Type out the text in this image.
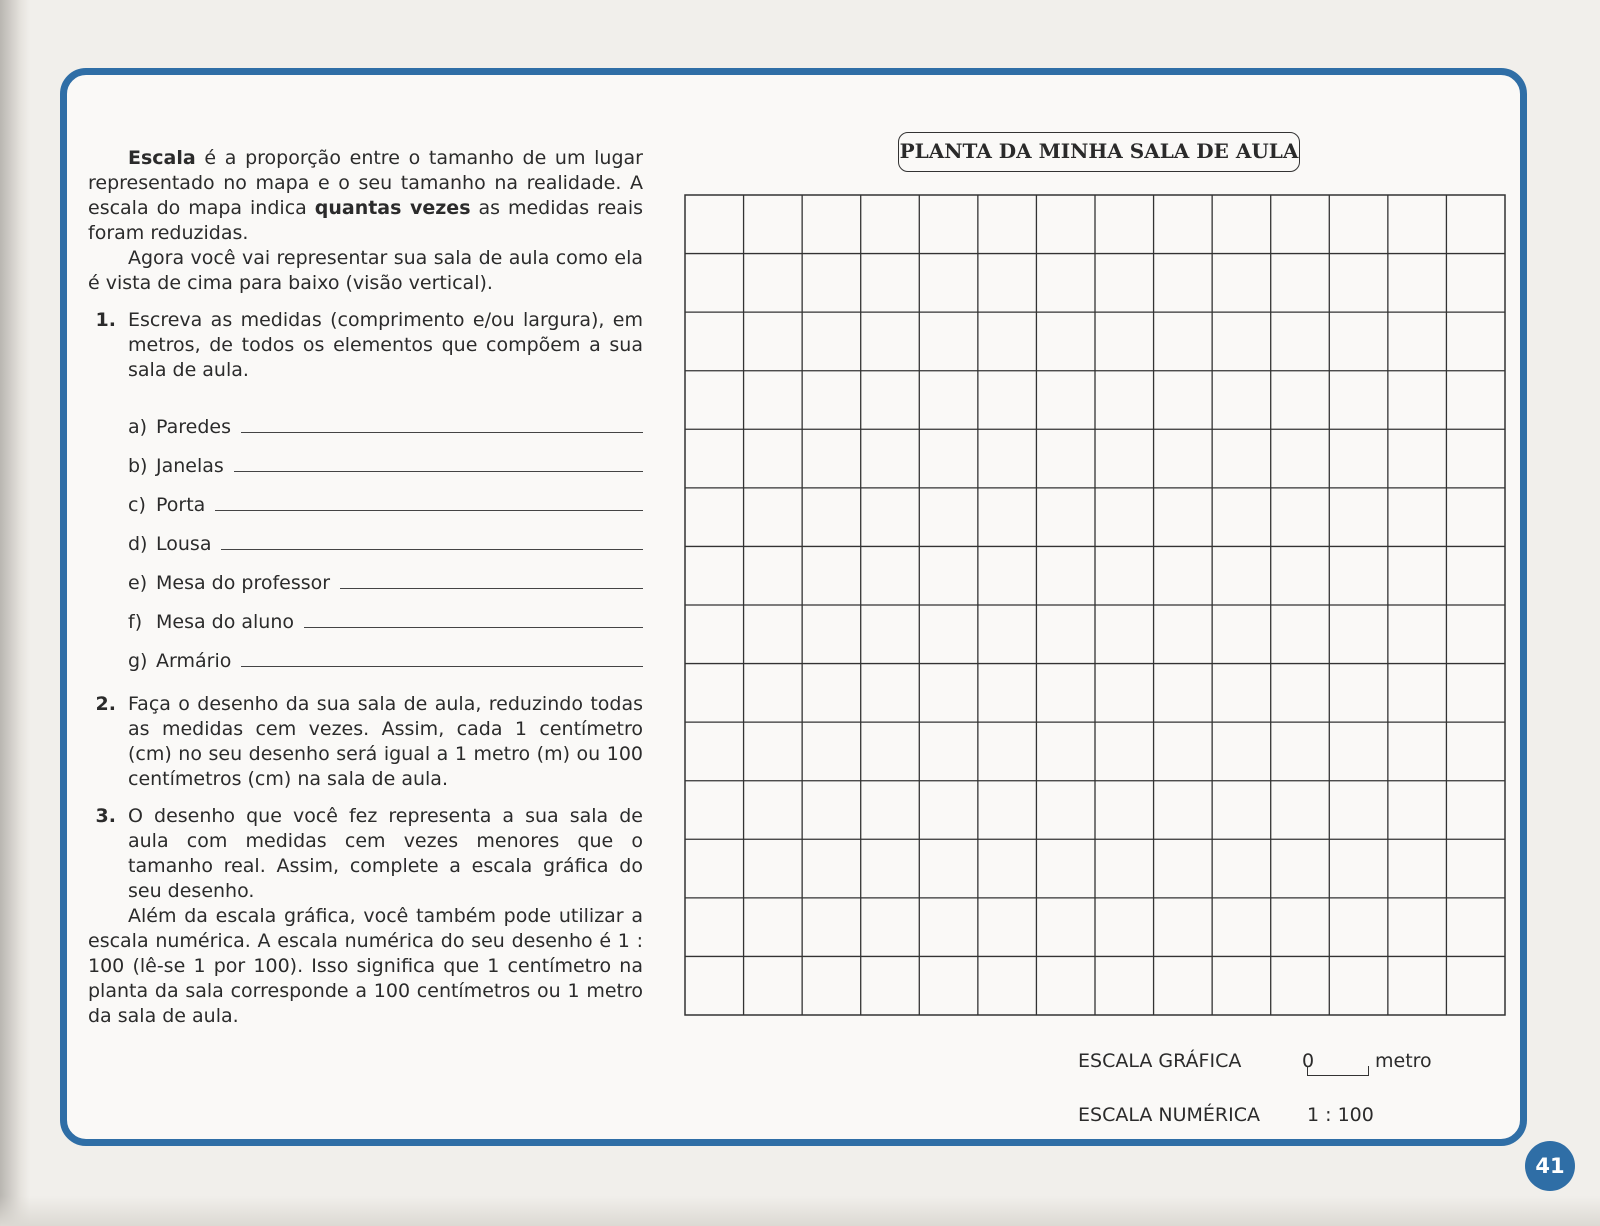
Escala é a proporção entre o tamanho de um lugar representado no mapa e o seu tamanho na realidade. A escala do mapa indica quantas vezes as medidas reais foram reduzidas.

Agora você vai representar sua sala de aula como ela é vista de cima para baixo (visão vertical).

1. Escreva as medidas (comprimento e/ou largura), em metros, de todos os elementos que compõem a sua sala de aula.
a) Paredes
b) Janelas
c) Porta
d) Lousa
e) Mesa do professor
f) Mesa do aluno
g) Armário
2. Faça o desenho da sua sala de aula, reduzindo todas as medidas cem vezes. Assim, cada 1 centímetro (cm) no seu desenho será igual a 1 metro (m) ou 100 centímetros (cm) na sala de aula.
3. O desenho que você fez representa a sua sala de aula com medidas cem vezes menores que o tamanho real. Assim, complete a escala gráfica do seu desenho.

Além da escala gráfica, você também pode utilizar a escala numérica. A escala numérica do seu desenho é 1 : 100 (lê-se 1 por 100). Isso significa que 1 centímetro na planta da sala corresponde a 100 centímetros ou 1 metro da sala de aula.

PLANTA DA MINHA SALA DE AULA
ESCALA GRÁFICA	0	metro
ESCALA NUMÉRICA 1 : 100
41
